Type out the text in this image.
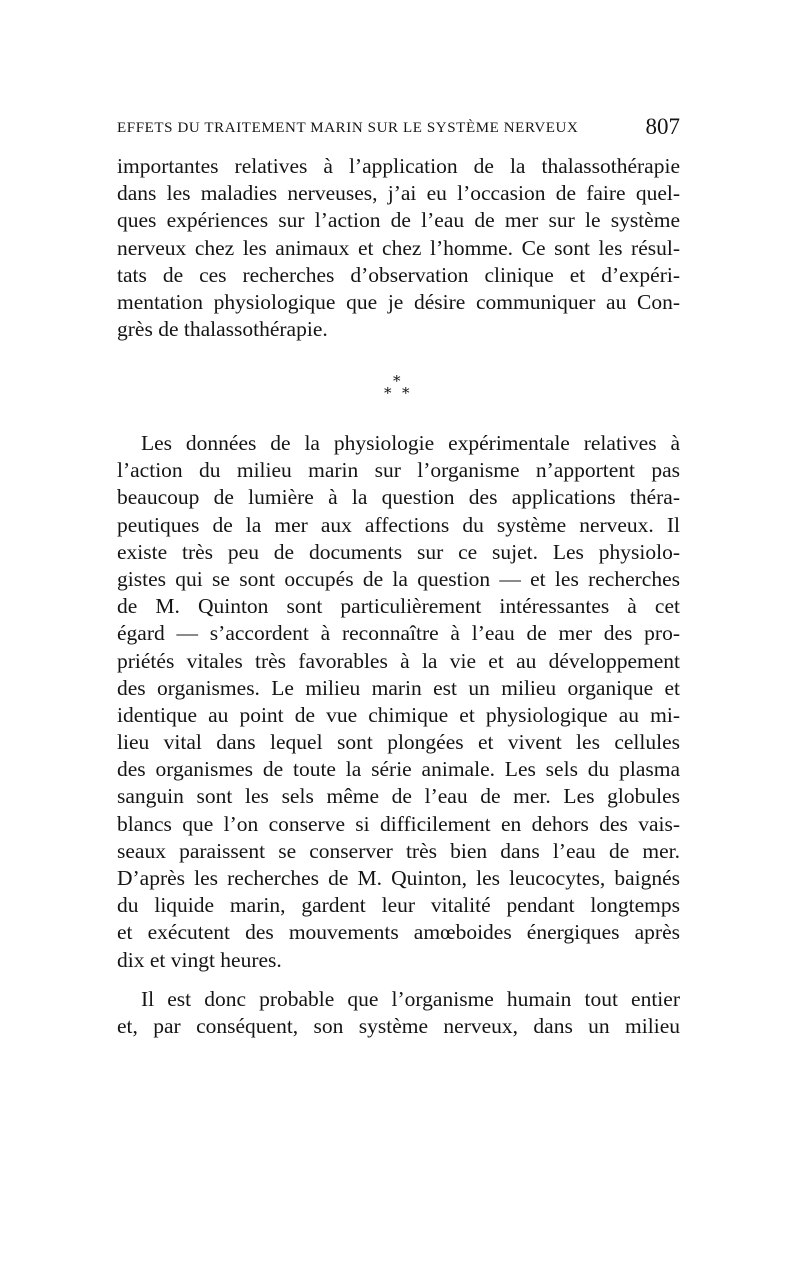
EFFETS DU TRAITEMENT MARIN SUR LE SYSTÈME NERVEUX	807
importantes relatives à l’application de la thalassothérapie
dans les maladies nerveuses, j’ai eu l’occasion de faire quel-
ques expériences sur l’action de l’eau de mer sur le système
nerveux chez les animaux et chez l’homme. Ce sont les résul-
tats de ces recherches d’observation clinique et d’expéri-
mentation physiologique que je désire communiquer au Con-
grès de thalassothérapie.
*
* *
Les données de la physiologie expérimentale relatives à
l’action du milieu marin sur l’organisme n’apportent pas
beaucoup de lumière à la question des applications théra-
peutiques de la mer aux affections du système nerveux. Il
existe très peu de documents sur ce sujet. Les physiolo-
gistes qui se sont occupés de la question — et les recherches
de M. Quinton sont particulièrement intéressantes à cet
égard — s’accordent à reconnaître à l’eau de mer des pro-
priétés vitales très favorables à la vie et au développement
des organismes. Le milieu marin est un milieu organique et
identique au point de vue chimique et physiologique au mi-
lieu vital dans lequel sont plongées et vivent les cellules
des organismes de toute la série animale. Les sels du plasma
sanguin sont les sels même de l’eau de mer. Les globules
blancs que l’on conserve si difficilement en dehors des vais-
seaux paraissent se conserver très bien dans l’eau de mer.
D’après les recherches de M. Quinton, les leucocytes, baignés
du liquide marin, gardent leur vitalité pendant longtemps
et exécutent des mouvements amœboides énergiques après
dix et vingt heures.
Il est donc probable que l’organisme humain tout entier
et, par conséquent, son système nerveux, dans un milieu
